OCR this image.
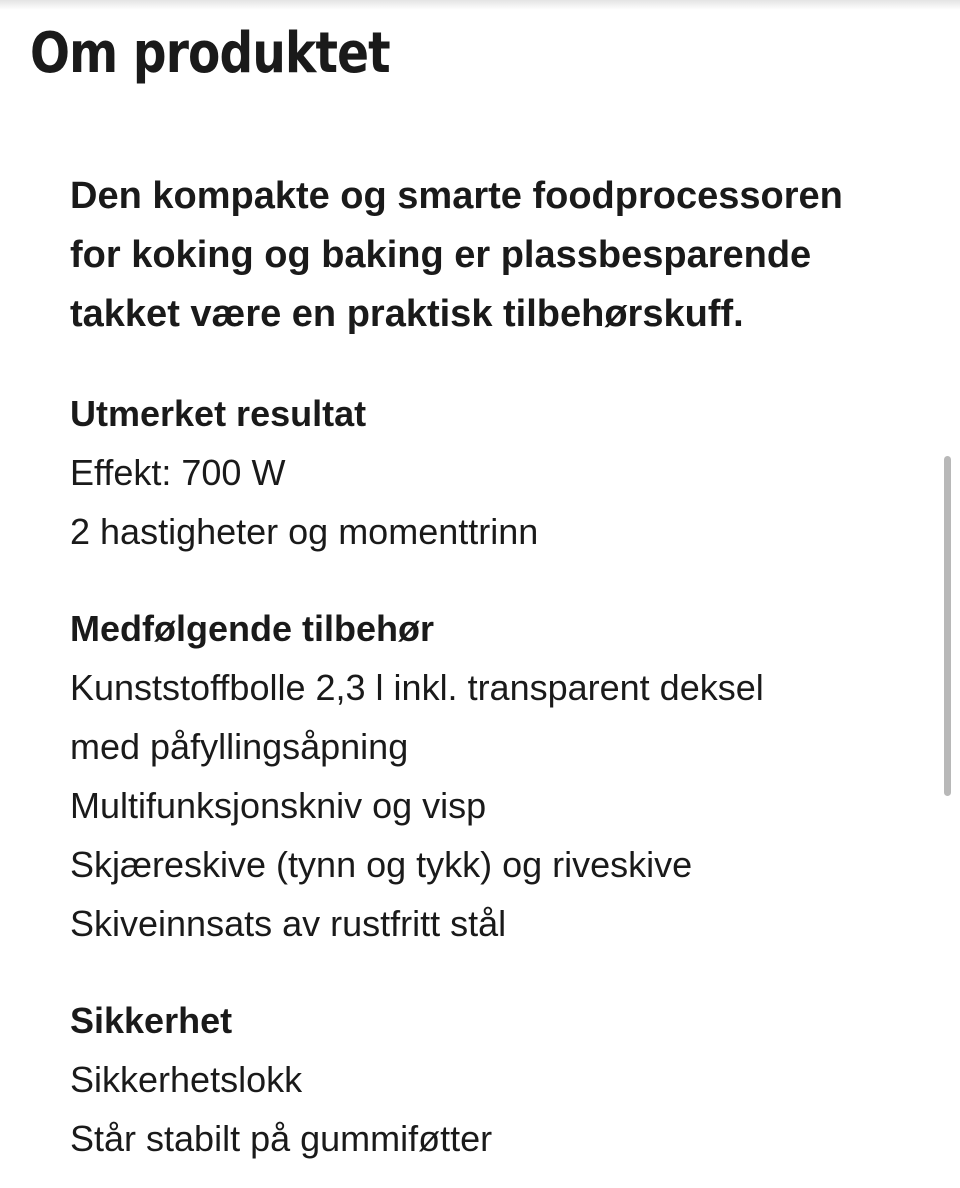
Om produktet

Den kompakte og smarte foodprocessoren for koking og baking er plassbesparende takket være en praktisk tilbehørskuff.

Utmerket resultat
Effekt: 700 W
2 hastigheter og momenttrinn
Medfølgende tilbehør
Kunststoffbolle 2,3 l inkl. transparent deksel
med påfyllingsåpning
Multifunksjonskniv og visp
Skjæreskive (tynn og tykk) og riveskive
Skiveinnsats av rustfritt stål
Sikkerhet
Sikkerhetslokk
Står stabilt på gummiføtter
